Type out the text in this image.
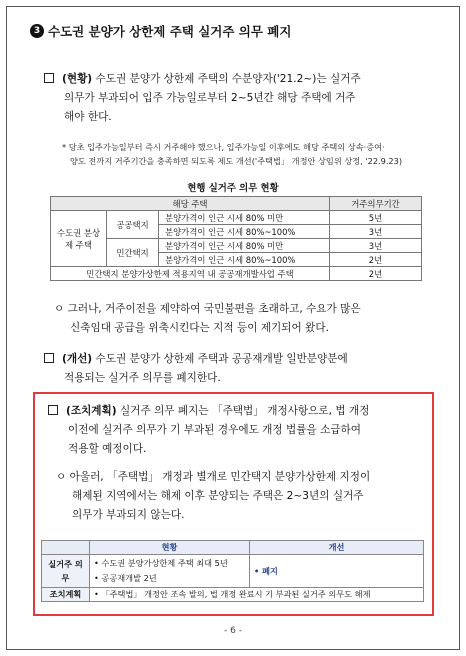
3 수도권 분양가 상한제 주택 실거주 의무 폐지
(현황) 수도권 분양가 상한제 주택의 수분양자('21.2~)는 실거주
의무가 부과되어 입주 가능일로부터 2~5년간 해당 주택에 거주
해야 한다.
* 당초 입주가능일부터 즉시 거주해야 했으나, 입주가능일 이후에도 해당 주택의 상속·증여·
양도 전까지 거주기간을 충족하면 되도록 제도 개선('주택법」 개정안 상임위 상정, '22.9.23)
현행 실거주 의무 현황
해당 주택			거주의무기간
수도권 분상제 주택	공공택지	분양가격이 인근 시세 80% 미만	5년
		분양가격이 인근 시세 80%~100%	3년
	민간택지	분양가격이 인근 시세 80% 미만	3년
		분양가격이 인근 시세 80%~100%	2년
민간택지 분양가상한제 적용지역 내 공공재개발사업 주택			2년
ㅇ 그러나, 거주이전을 제약하여 국민불편을 초래하고, 수요가 많은
신축임대 공급을 위축시킨다는 지적 등이 제기되어 왔다.
(개선) 수도권 분양가 상한제 주택과 공공재개발 일반분양분에
적용되는 실거주 의무를 폐지한다.
(조치계획) 실거주 의무 폐지는 「주택법」 개정사항으로, 법 개정
이전에 실거주 의무가 기 부과된 경우에도 개정 법률을 소급하여
적용할 예정이다.
ㅇ 아울러, 「주택법」 개정과 별개로 민간택지 분양가상한제 지정이
해제된 지역에서는 해제 이후 분양되는 주택은 2~3년의 실거주
의무가 부과되지 않는다.
	현황	개선
실거주 의무	• 수도권 분양가상한제 주택 최대 5년
• 공공재개발 2년	• 폐지
조치계획	• 「주택법」 개정안 조속 발의, 법 개정 완료시 기 부과된 실거주 의무도 해제	
- 6 -
